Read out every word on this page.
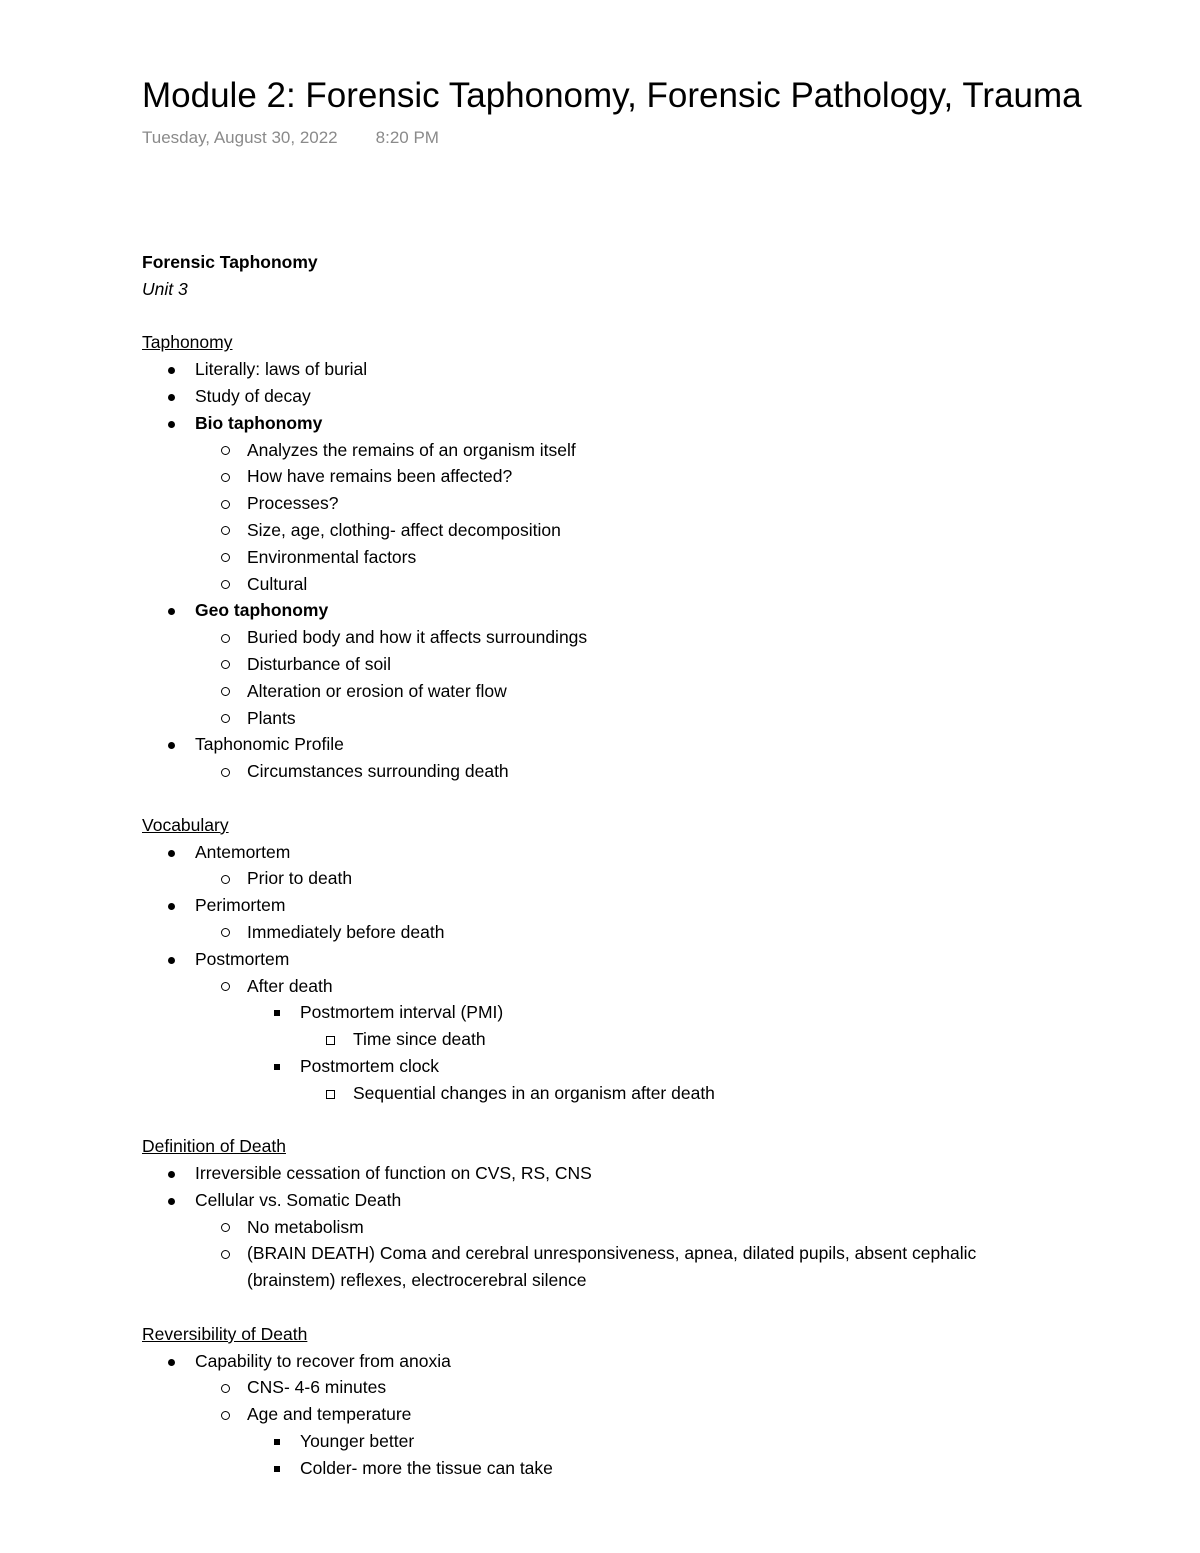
Module 2: Forensic Taphonomy, Forensic Pathology, Trauma
Tuesday, August 30, 2022 8:20 PM
Forensic Taphonomy
Unit 3
Taphonomy
Literally: laws of burial
Study of decay
Bio taphonomy
Analyzes the remains of an organism itself
How have remains been affected?
Processes?
Size, age, clothing- affect decomposition
Environmental factors
Cultural
Geo taphonomy
Buried body and how it affects surroundings
Disturbance of soil
Alteration or erosion of water flow
Plants
Taphonomic Profile
Circumstances surrounding death
Vocabulary
Antemortem
Prior to death
Perimortem
Immediately before death
Postmortem
After death
Postmortem interval (PMI)
Time since death
Postmortem clock
Sequential changes in an organism after death
Definition of Death
Irreversible cessation of function on CVS, RS, CNS
Cellular vs. Somatic Death
No metabolism
(BRAIN DEATH) Coma and cerebral unresponsiveness, apnea, dilated pupils, absent cephalic
(brainstem) reflexes, electrocerebral silence
Reversibility of Death
Capability to recover from anoxia
CNS- 4-6 minutes
Age and temperature
Younger better
Colder- more the tissue can take
